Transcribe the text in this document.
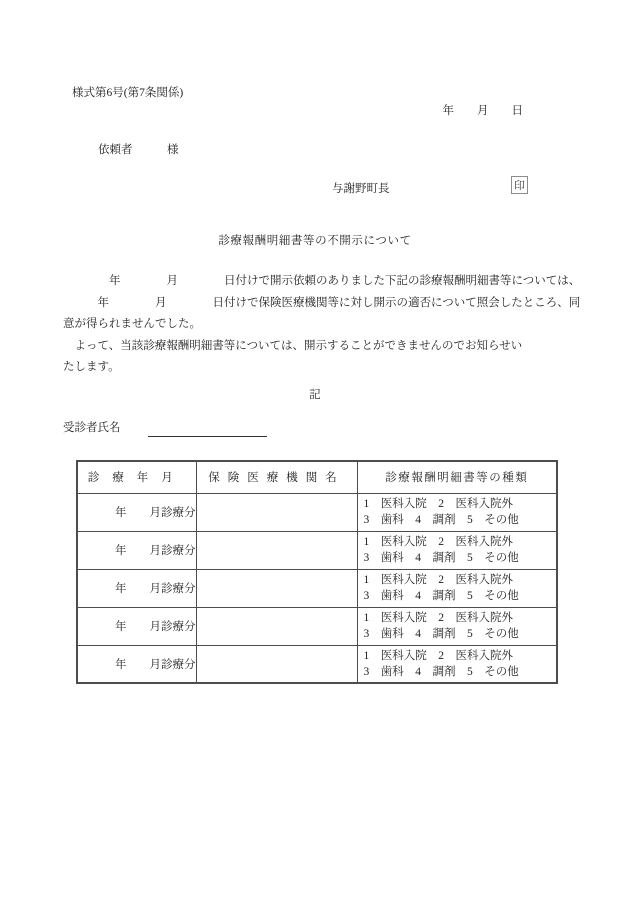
様式第6号(第7条関係)
年　　月　　日
依頼者　　　様
与謝野町長	印
診療報酬明細書等の不開示について
　　　　年　　　　月　　　　日付けで開示依頼のありました下記の診療報酬明細書等については、
　　　年　　　　月　　　　日付けで保険医療機関等に対し開示の適否について照会したところ、同
意が得られませんでした。
　よって、当該診療報酬明細書等については、開示することができませんのでお知らせい
たします。
記
受診者氏名
診療年月	保険医療機関名	診療報酬明細書等の種類
年　　月診療分		1　医科入院　2　医科入院外
3　歯科　4　調剤　5　その他

年　　月診療分		1　医科入院　2　医科入院外
3　歯科　4　調剤　5　その他

年　　月診療分		1　医科入院　2　医科入院外
3　歯科　4　調剤　5　その他

年　　月診療分		1　医科入院　2　医科入院外
3　歯科　4　調剤　5　その他

年　　月診療分		1　医科入院　2　医科入院外
3　歯科　4　調剤　5　その他
